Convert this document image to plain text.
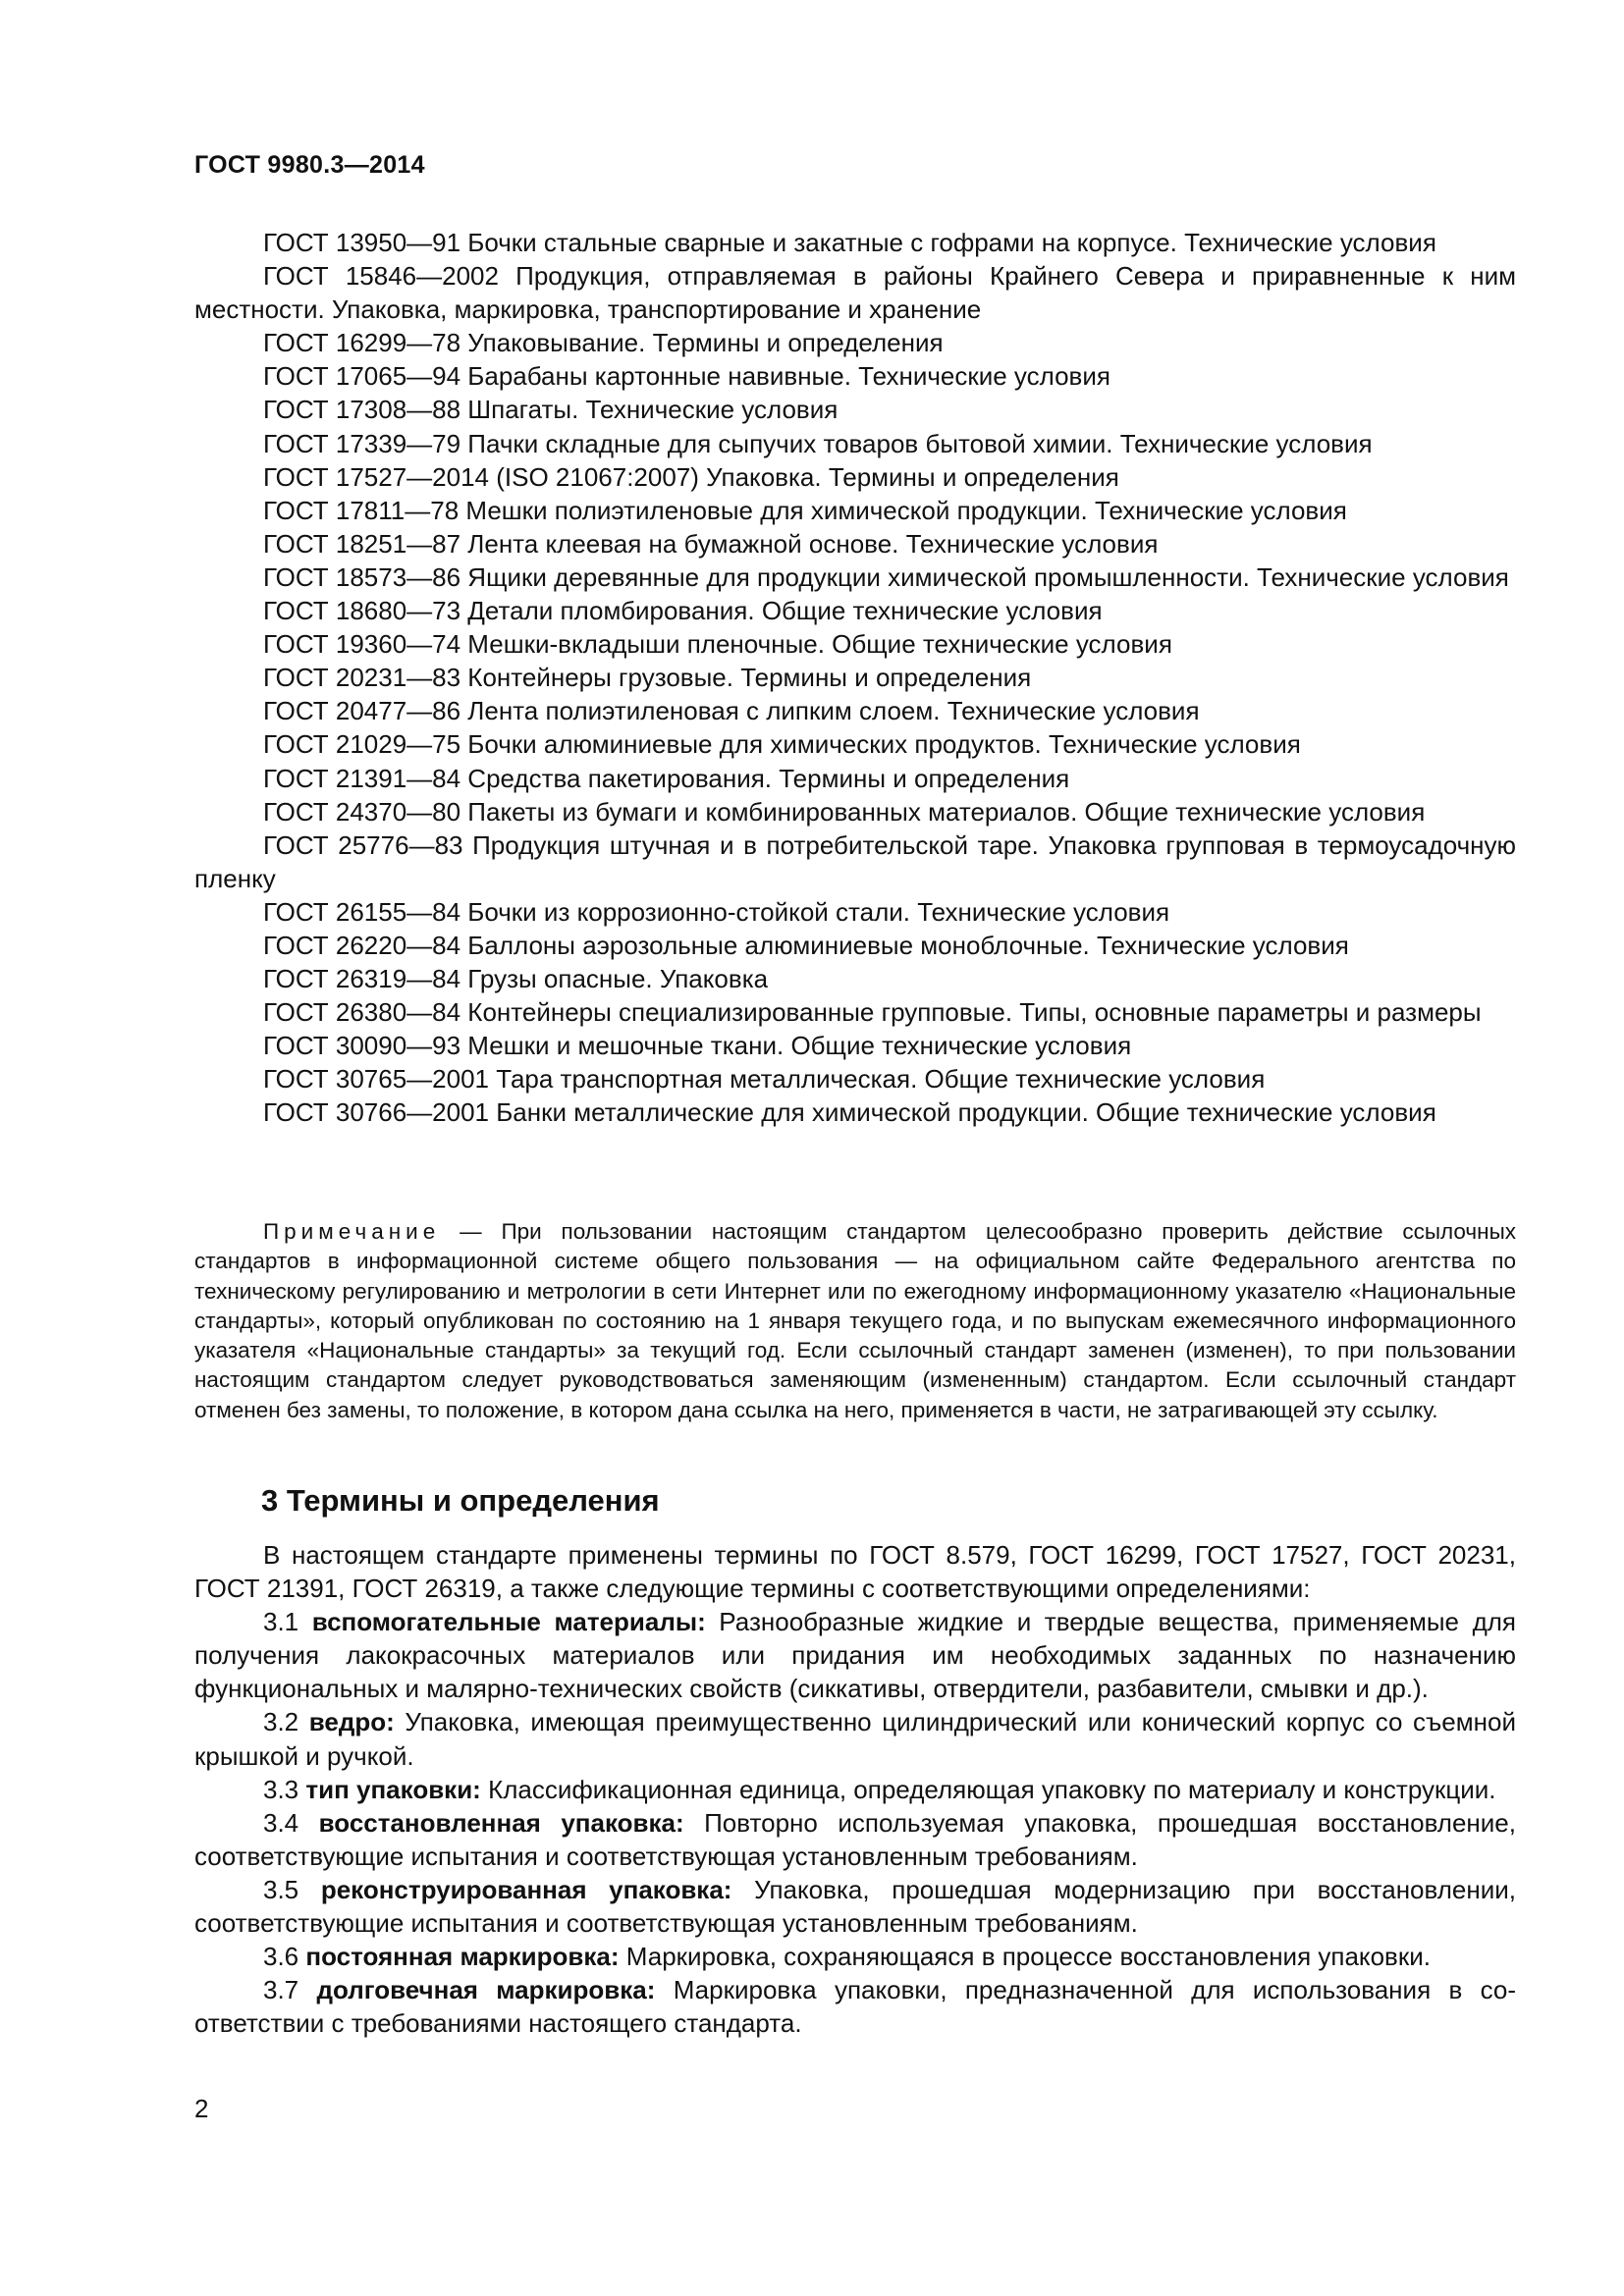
ГОСТ 9980.3—2014

ГОСТ 13950—91 Бочки стальные сварные и закатные с гофрами на корпусе. Технические условия

ГОСТ 15846—2002 Продукция, отправляемая в районы Крайнего Севера и приравненные к ним местности. Упаковка, маркировка, транспортирование и хранение

ГОСТ 16299—78 Упаковывание. Термины и определения

ГОСТ 17065—94 Барабаны картонные навивные. Технические условия

ГОСТ 17308—88 Шпагаты. Технические условия

ГОСТ 17339—79 Пачки складные для сыпучих товаров бытовой химии. Технические условия

ГОСТ 17527—2014 (ISO 21067:2007) Упаковка. Термины и определения

ГОСТ 17811—78 Мешки полиэтиленовые для химической продукции. Технические условия

ГОСТ 18251—87 Лента клеевая на бумажной основе. Технические условия

ГОСТ 18573—86 Ящики деревянные для продукции химической промышленности. Технические условия

ГОСТ 18680—73 Детали пломбирования. Общие технические условия

ГОСТ 19360—74 Мешки-вкладыши пленочные. Общие технические условия

ГОСТ 20231—83 Контейнеры грузовые. Термины и определения

ГОСТ 20477—86 Лента полиэтиленовая с липким слоем. Технические условия

ГОСТ 21029—75 Бочки алюминиевые для химических продуктов. Технические условия

ГОСТ 21391—84 Средства пакетирования. Термины и определения

ГОСТ 24370—80 Пакеты из бумаги и комбинированных материалов. Общие технические условия

ГОСТ 25776—83 Продукция штучная и в потребительской таре. Упаковка групповая в термоусадочную пленку

ГОСТ 26155—84 Бочки из коррозионно-стойкой стали. Технические условия

ГОСТ 26220—84 Баллоны аэрозольные алюминиевые моноблочные. Технические условия

ГОСТ 26319—84 Грузы опасные. Упаковка

ГОСТ 26380—84 Контейнеры специализированные групповые. Типы, основные параметры и размеры

ГОСТ 30090—93 Мешки и мешочные ткани. Общие технические условия

ГОСТ 30765—2001 Тара транспортная металлическая. Общие технические условия

ГОСТ 30766—2001 Банки металлические для химической продукции. Общие технические условия

Примечание — При пользовании настоящим стандартом целесообразно проверить действие ссылочных стандартов в информационной системе общего пользования — на официальном сайте Федерального агентства по техническому регулированию и метрологии в сети Интернет или по ежегодному информационному указателю «Национальные стандарты», который опубликован по состоянию на 1 января текущего года, и по выпускам ежемесячного информационного указателя «Национальные стандарты» за текущий год. Если ссылочный стандарт заменен (изменен), то при пользовании настоящим стандартом следует руководствоваться заменяющим (измененным) стандартом. Если ссылочный стандарт отменен без замены, то положение, в котором дана ссылка на него, применяется в части, не затрагивающей эту ссылку.

3 Термины и определения

В настоящем стандарте применены термины по ГОСТ 8.579, ГОСТ 16299, ГОСТ 17527, ГОСТ 20231, ГОСТ 21391, ГОСТ 26319, а также следующие термины с соответствующими определениями:

3.1 вспомогательные материалы: Разнообразные жидкие и твердые вещества, применяемые для получения лакокрасочных материалов или придания им необходимых заданных по назначению функциональных и малярно-технических свойств (сиккативы, отвердители, разбавители, смывки и др.).

3.2 ведро: Упаковка, имеющая преимущественно цилиндрический или конический корпус со съемной крышкой и ручкой.

3.3 тип упаковки: Классификационная единица, определяющая упаковку по материалу и конструкции.

3.4 восстановленная упаковка: Повторно используемая упаковка, прошедшая восстановление, соответствующие испытания и соответствующая установленным требованиям.

3.5 реконструированная упаковка: Упаковка, прошедшая модернизацию при восстановлении, соответствующие испытания и соответствующая установленным требованиям.

3.6 постоянная маркировка: Маркировка, сохраняющаяся в процессе восстановления упаковки.

3.7 долговечная маркировка: Маркировка упаковки, предназначенной для использования в соответствии с требованиями настоящего стандарта.

2
